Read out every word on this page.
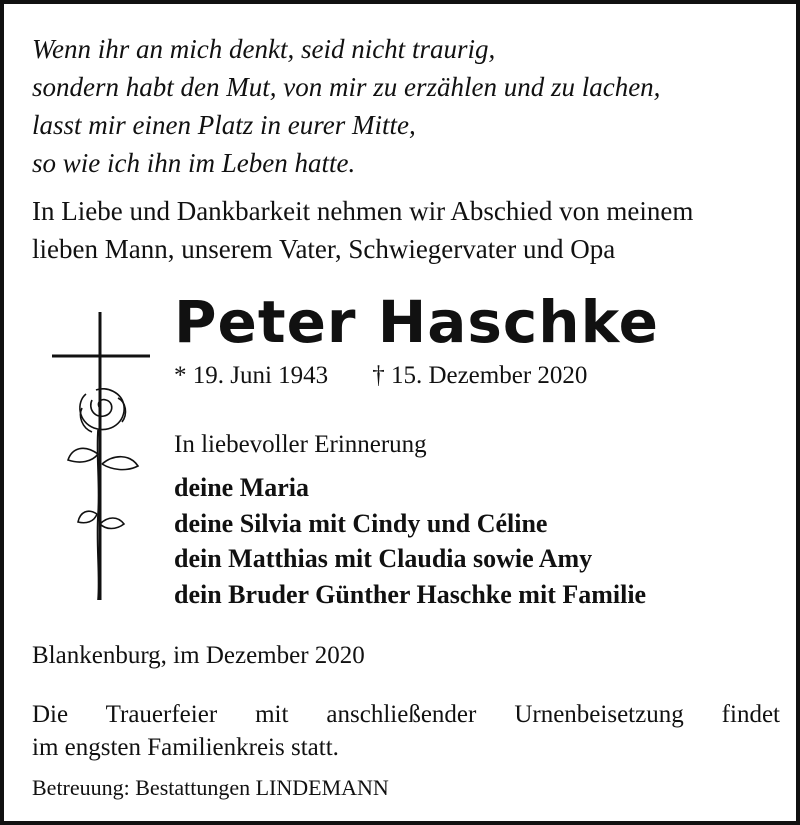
Wenn ihr an mich denkt, seid nicht traurig,
sondern habt den Mut, von mir zu erzählen und zu lachen,
lasst mir einen Platz in eurer Mitte,
so wie ich ihn im Leben hatte.
In Liebe und Dankbarkeit nehmen wir Abschied von meinem
lieben Mann, unserem Vater, Schwiegervater und Opa
Peter Haschke
* 19. Juni 1943 † 15. Dezember 2020
In liebevoller Erinnerung
deine Maria
deine Silvia mit Cindy und Céline
dein Matthias mit Claudia sowie Amy
dein Bruder Günther Haschke mit Familie
Blankenburg, im Dezember 2020
Die Trauerfeier mit anschließender Urnenbeisetzung findet
im engsten Familienkreis statt.
Betreuung: Bestattungen LINDEMANN
